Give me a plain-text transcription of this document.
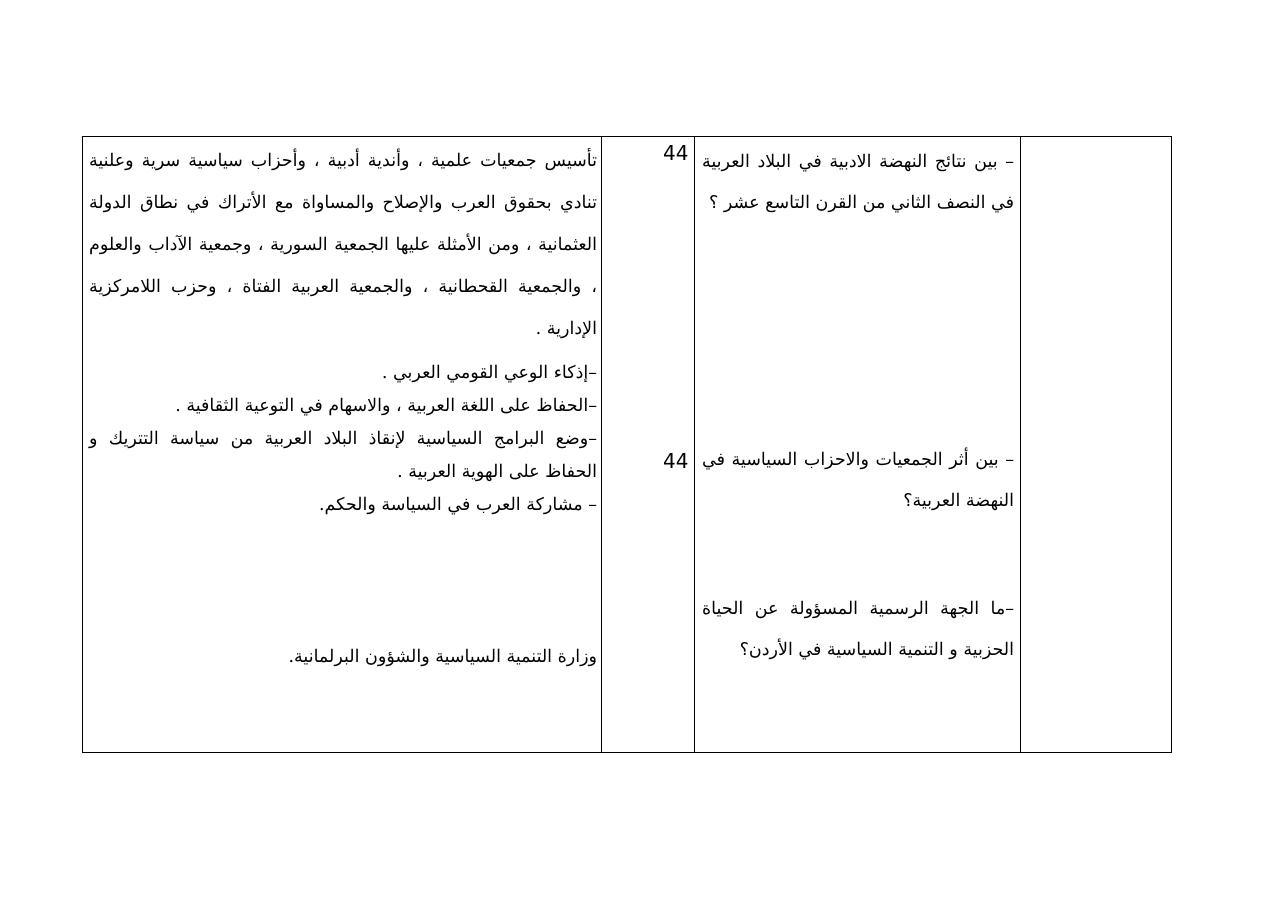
– بين نتائج النهضة الادبية في البلاد العربية في النصف الثاني من القرن التاسع عشر ؟

– بين أثر الجمعيات والاحزاب السياسية في النهضة العربية؟

–ما الجهة الرسمية المسؤولة عن الحياة الحزبية و التنمية السياسية في الأردن؟

44
44

تأسيس جمعيات علمية ، وأندية أدبية ، وأحزاب سياسية سرية وعلنية تنادي بحقوق العرب والإصلاح والمساواة مع الأتراك في نطاق الدولة العثمانية ، ومن الأمثلة عليها الجمعية السورية ، وجمعية الآداب والعلوم ، والجمعية القحطانية ، والجمعية العربية الفتاة ، وحزب اللامركزية الإدارية .

–إذكاء الوعي القومي العربي .

–الحفاظ على اللغة العربية ، والاسهام في التوعية الثقافية .

–وضع البرامج السياسية لإنقاذ البلاد العربية من سياسة التتريك و الحفاظ على الهوية العربية .

– مشاركة العرب في السياسة والحكم.

وزارة التنمية السياسية والشؤون البرلمانية.
